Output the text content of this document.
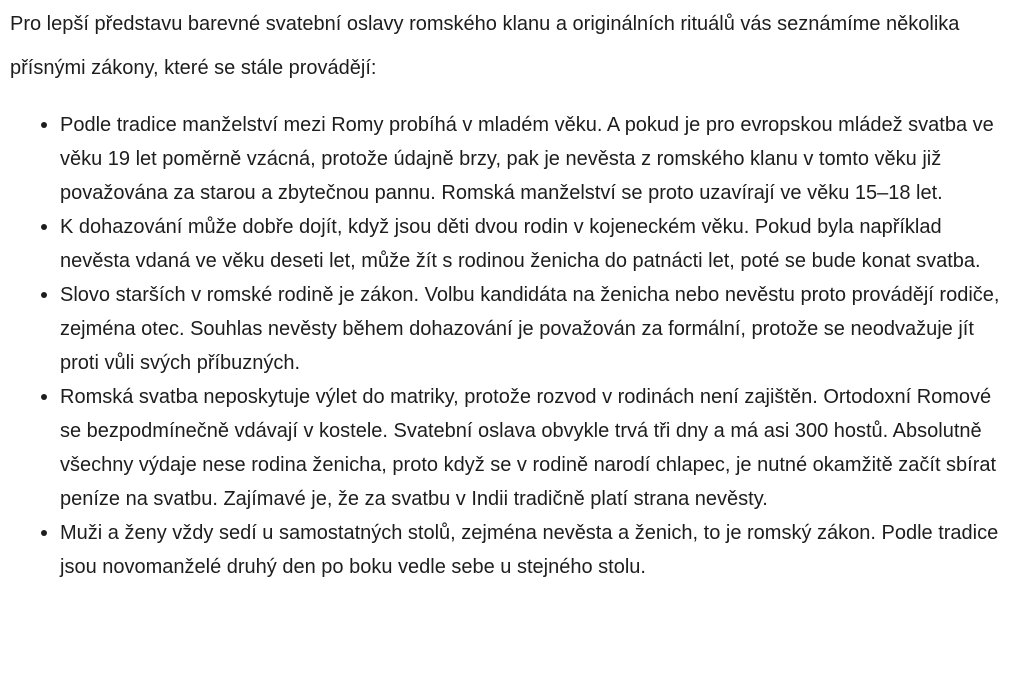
Pro lepší představu barevné svatební oslavy romského klanu a originálních rituálů vás seznámíme několika přísnými zákony, které se stále provádějí:

Podle tradice manželství mezi Romy probíhá v mladém věku. A pokud je pro evropskou mládež svatba ve věku 19 let poměrně vzácná, protože údajně brzy, pak je nevěsta z romského klanu v tomto věku již považována za starou a zbytečnou pannu. Romská manželství se proto uzavírají ve věku 15–18 let.
K dohazování může dobře dojít, když jsou děti dvou rodin v kojeneckém věku. Pokud byla například nevěsta vdaná ve věku deseti let, může žít s rodinou ženicha do patnácti let, poté se bude konat svatba.
Slovo starších v romské rodině je zákon. Volbu kandidáta na ženicha nebo nevěstu proto provádějí rodiče, zejména otec. Souhlas nevěsty během dohazování je považován za formální, protože se neodvažuje jít proti vůli svých příbuzných.
Romská svatba neposkytuje výlet do matriky, protože rozvod v rodinách není zajištěn. Ortodoxní Romové se bezpodmínečně vdávají v kostele. Svatební oslava obvykle trvá tři dny a má asi 300 hostů. Absolutně všechny výdaje nese rodina ženicha, proto když se v rodině narodí chlapec, je nutné okamžitě začít sbírat peníze na svatbu. Zajímavé je, že za svatbu v Indii tradičně platí strana nevěsty.
Muži a ženy vždy sedí u samostatných stolů, zejména nevěsta a ženich, to je romský zákon. Podle tradice jsou novomanželé druhý den po boku vedle sebe u stejného stolu.
